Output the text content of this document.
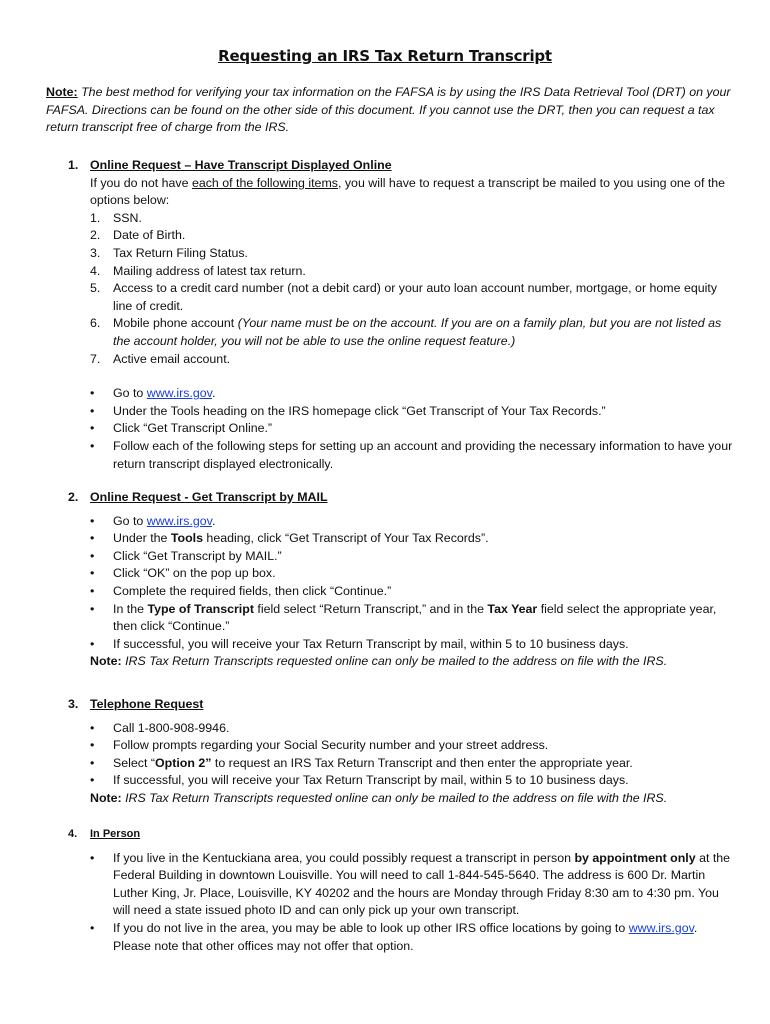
Requesting an IRS Tax Return Transcript
Note: The best method for verifying your tax information on the FAFSA is by using the IRS Data Retrieval Tool (DRT) on your FAFSA. Directions can be found on the other side of this document. If you cannot use the DRT, then you can request a tax return transcript free of charge from the IRS.
1. Online Request – Have Transcript Displayed Online
If you do not have each of the following items, you will have to request a transcript be mailed to you using one of the options below:
1. SSN.
2. Date of Birth.
3. Tax Return Filing Status.
4. Mailing address of latest tax return.
5. Access to a credit card number (not a debit card) or your auto loan account number, mortgage, or home equity line of credit.
6. Mobile phone account (Your name must be on the account. If you are on a family plan, but you are not listed as the account holder, you will not be able to use the online request feature.)
7. Active email account.
• Go to www.irs.gov.
• Under the Tools heading on the IRS homepage click “Get Transcript of Your Tax Records.”
• Click “Get Transcript Online.”
• Follow each of the following steps for setting up an account and providing the necessary information to have your return transcript displayed electronically.
2. Online Request - Get Transcript by MAIL
• Go to www.irs.gov.
• Under the Tools heading, click “Get Transcript of Your Tax Records”.
• Click “Get Transcript by MAIL.”
• Click “OK” on the pop up box.
• Complete the required fields, then click “Continue.”
• In the Type of Transcript field select “Return Transcript,” and in the Tax Year field select the appropriate year, then click “Continue.”
• If successful, you will receive your Tax Return Transcript by mail, within 5 to 10 business days.
Note: IRS Tax Return Transcripts requested online can only be mailed to the address on file with the IRS.
3. Telephone Request
• Call 1-800-908-9946.
• Follow prompts regarding your Social Security number and your street address.
• Select “Option 2” to request an IRS Tax Return Transcript and then enter the appropriate year.
• If successful, you will receive your Tax Return Transcript by mail, within 5 to 10 business days.
Note: IRS Tax Return Transcripts requested online can only be mailed to the address on file with the IRS.
4. In Person
• If you live in the Kentuckiana area, you could possibly request a transcript in person by appointment only at the Federal Building in downtown Louisville. You will need to call 1-844-545-5640. The address is 600 Dr. Martin Luther King, Jr. Place, Louisville, KY 40202 and the hours are Monday through Friday 8:30 am to 4:30 pm. You will need a state issued photo ID and can only pick up your own transcript.
• If you do not live in the area, you may be able to look up other IRS office locations by going to www.irs.gov. Please note that other offices may not offer that option.
